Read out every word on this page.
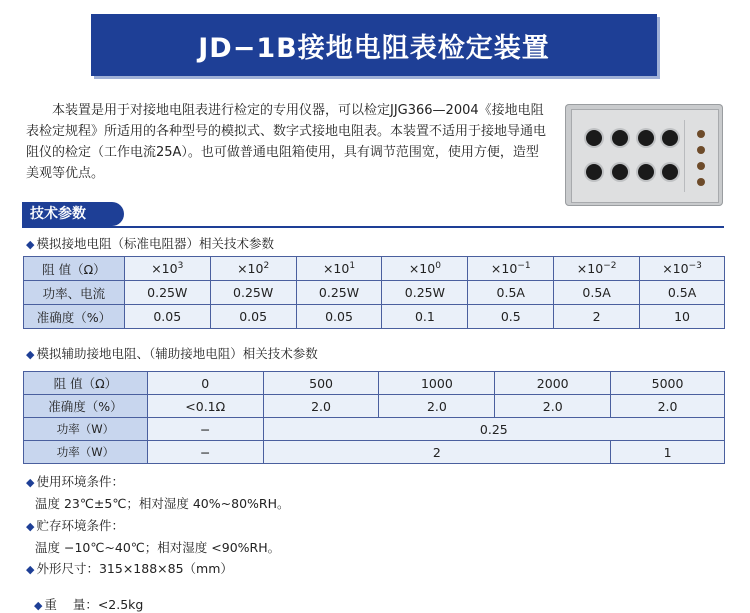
JD−1B接地电阻表检定装置
本装置是用于对接地电阻表进行检定的专用仪器，可以检定JJG366—2004《接地电阻表检定规程》所适用的各种型号的模拟式、数字式接地电阻表。本装置不适用于接地导通电阻仪的检定（工作电流25A）。也可做普通电阻箱使用，具有调节范围宽，使用方便，造型美观等优点。
技术参数
◆ 模拟接地电阻（标准电阻器）相关技术参数
阻 值（Ω）	$\times 10^3$	$\times 10^2$	$\times 10^1$	$\times 10^0$	$\times 10^{-1}$	$\times 10^{-2}$	$\times 10^{-3}$
功率、电流	0.25W	0.25W	0.25W	0.25W	0.5A	0.5A	0.5A
准确度（%）	0.05	0.05	0.05	0.1	0.5	2	10
◆ 模拟辅助接地电阻、（辅助接地电阻）相关技术参数
阻 值（Ω）	0	500	1000	2000	5000
准确度（%）	<0.1Ω	2.0	2.0	2.0	2.0
功率（W）	−	0.25			
功率（W）	−	2			1
◆ 使用环境条件：
温度 23℃±5℃；相对湿度 40%~80%RH。
◆ 贮存环境条件：
温度 −10℃~40℃；相对湿度 <90%RH。
◆ 外形尺寸：315×188×85（mm）

◆ 重    量：<2.5kg
